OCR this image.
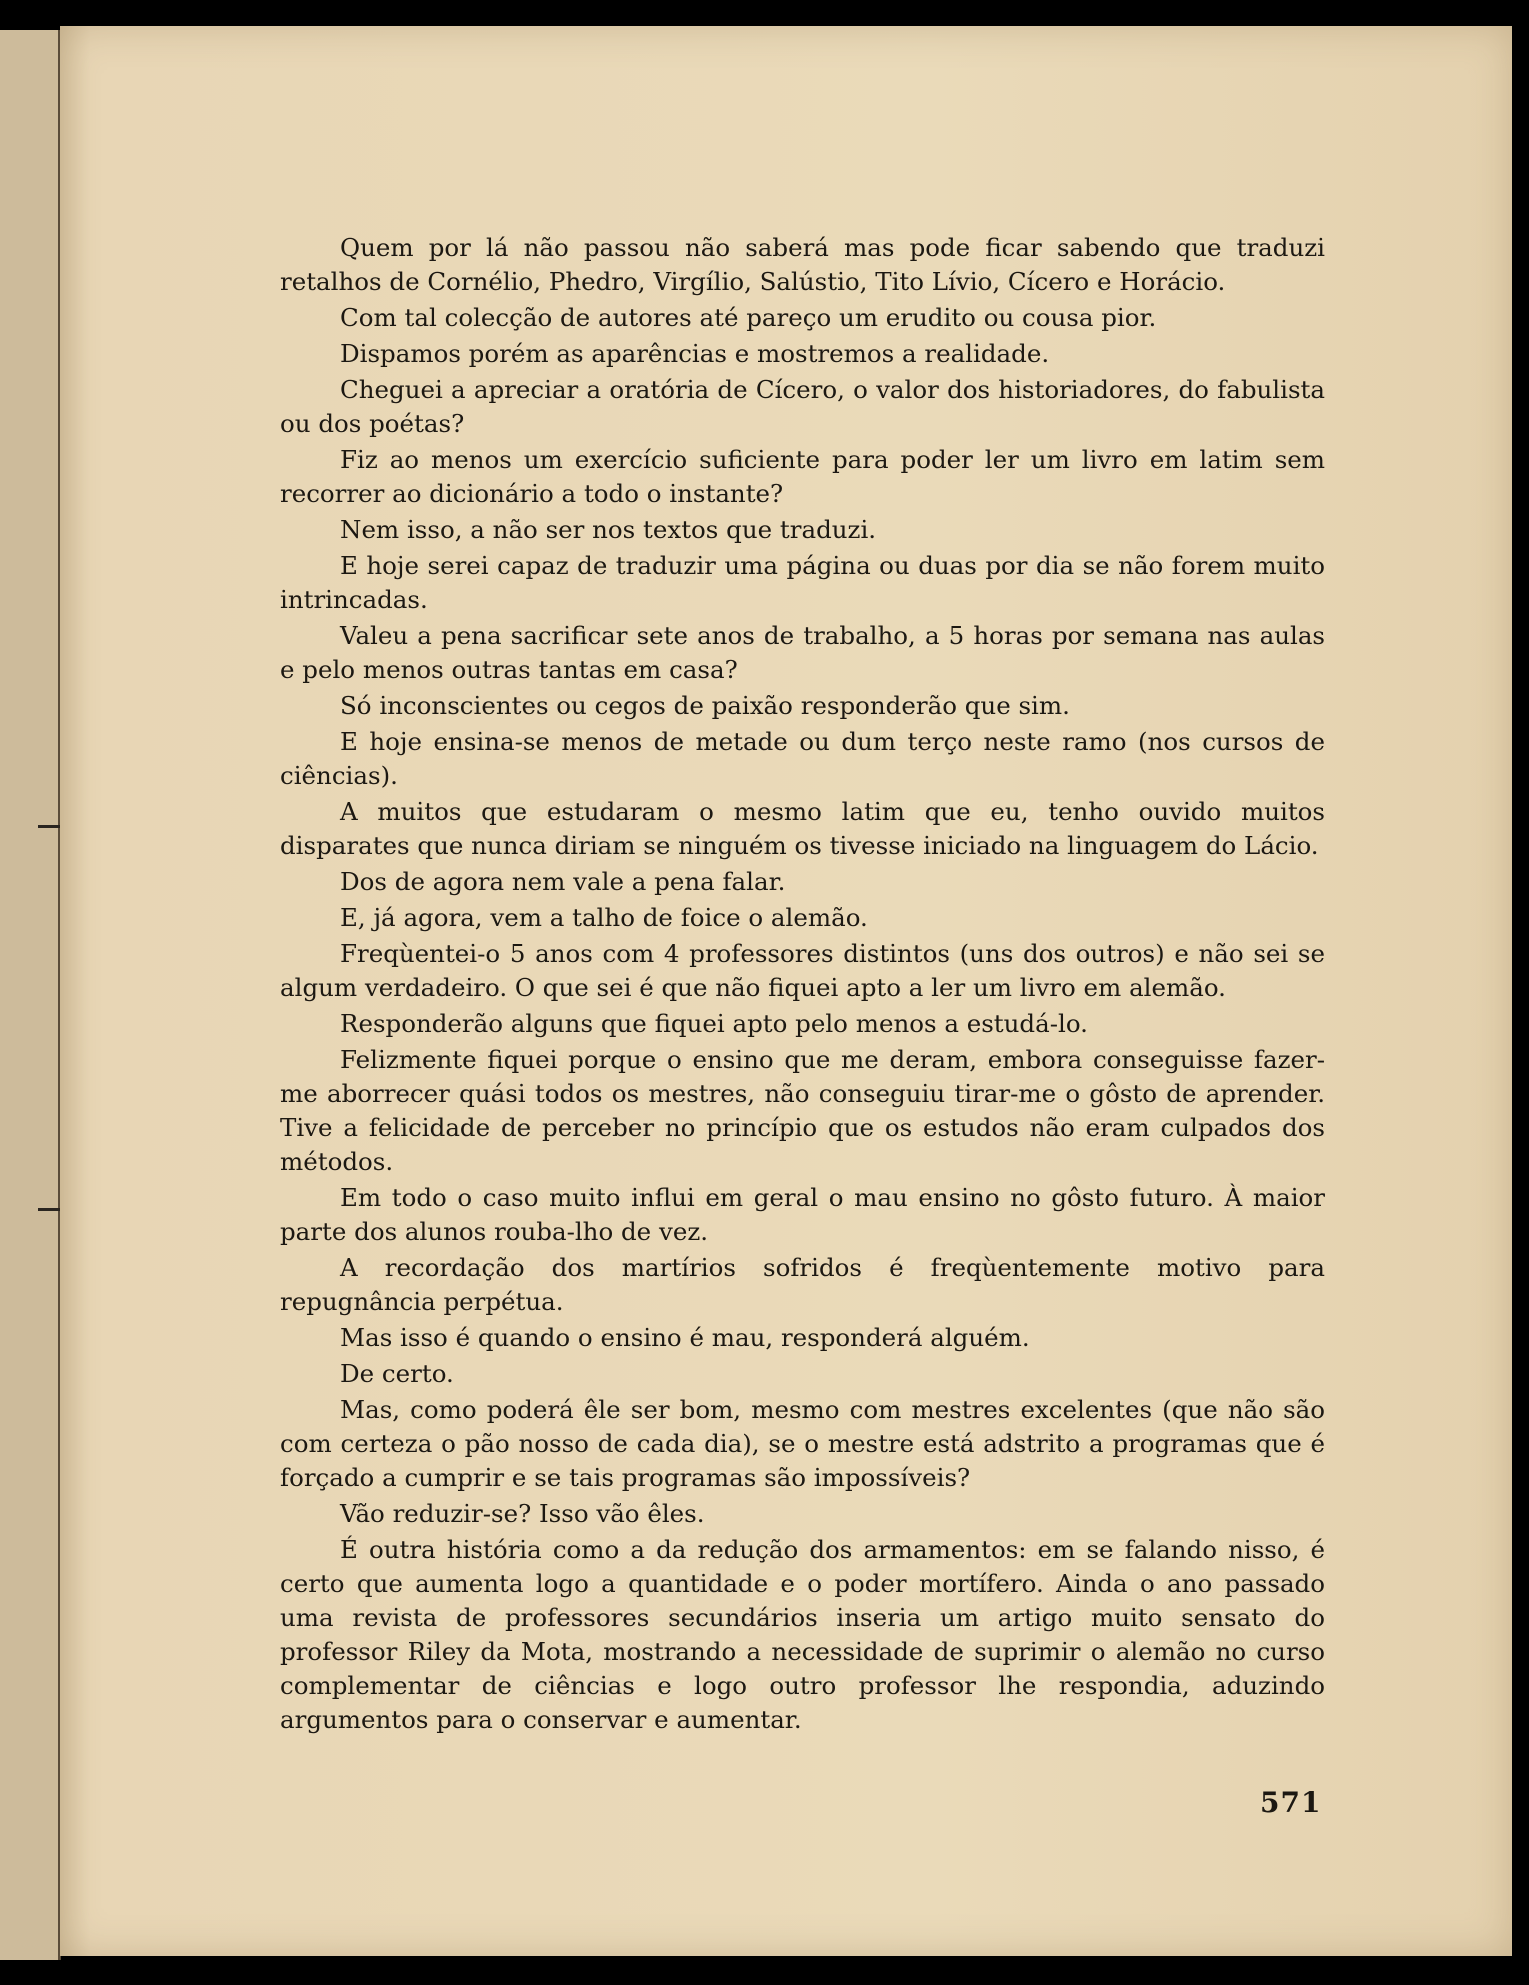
Quem por lá não passou não saberá mas pode ficar sabendo que traduzi retalhos de Cornélio, Phedro, Virgílio, Salústio, Tito Lívio, Cícero e Horácio.

Com tal colecção de autores até pareço um erudito ou cousa pior.

Dispamos porém as aparências e mostremos a realidade.

Cheguei a apreciar a oratória de Cícero, o valor dos historiadores, do fabulista ou dos poétas?

Fiz ao menos um exercício suficiente para poder ler um livro em latim sem recorrer ao dicionário a todo o instante?

Nem isso, a não ser nos textos que traduzi.

E hoje serei capaz de traduzir uma página ou duas por dia se não forem muito intrincadas.

Valeu a pena sacrificar sete anos de trabalho, a 5 horas por semana nas aulas e pelo menos outras tantas em casa?

Só inconscientes ou cegos de paixão responderão que sim.

E hoje ensina-se menos de metade ou dum terço neste ramo (nos cursos de ciências).

A muitos que estudaram o mesmo latim que eu, tenho ouvido muitos disparates que nunca diriam se ninguém os tivesse iniciado na linguagem do Lácio.

Dos de agora nem vale a pena falar.

E, já agora, vem a talho de foice o alemão.

Freqùentei-o 5 anos com 4 professores distintos (uns dos outros) e não sei se algum verdadeiro. O que sei é que não fiquei apto a ler um livro em alemão.

Responderão alguns que fiquei apto pelo menos a estudá-lo.

Felizmente fiquei porque o ensino que me deram, embora conseguisse fazer-me aborrecer quási todos os mestres, não conseguiu tirar-me o gôsto de aprender. Tive a felicidade de perceber no princípio que os estudos não eram culpados dos métodos.

Em todo o caso muito influi em geral o mau ensino no gôsto futuro. À maior parte dos alunos rouba-lho de vez.

A recordação dos martírios sofridos é freqùentemente motivo para repugnância perpétua.

Mas isso é quando o ensino é mau, responderá alguém.

De certo.

Mas, como poderá êle ser bom, mesmo com mestres excelentes (que não são com certeza o pão nosso de cada dia), se o mestre está adstrito a programas que é forçado a cumprir e se tais programas são impossíveis?

Vão reduzir-se? Isso vão êles.

É outra história como a da redução dos armamentos: em se falando nisso, é certo que aumenta logo a quantidade e o poder mortífero. Ainda o ano passado uma revista de professores secundários inseria um artigo muito sensato do professor Riley da Mota, mostrando a necessidade de suprimir o alemão no curso complementar de ciências e logo outro professor lhe respondia, aduzindo argumentos para o conservar e aumentar.

571
